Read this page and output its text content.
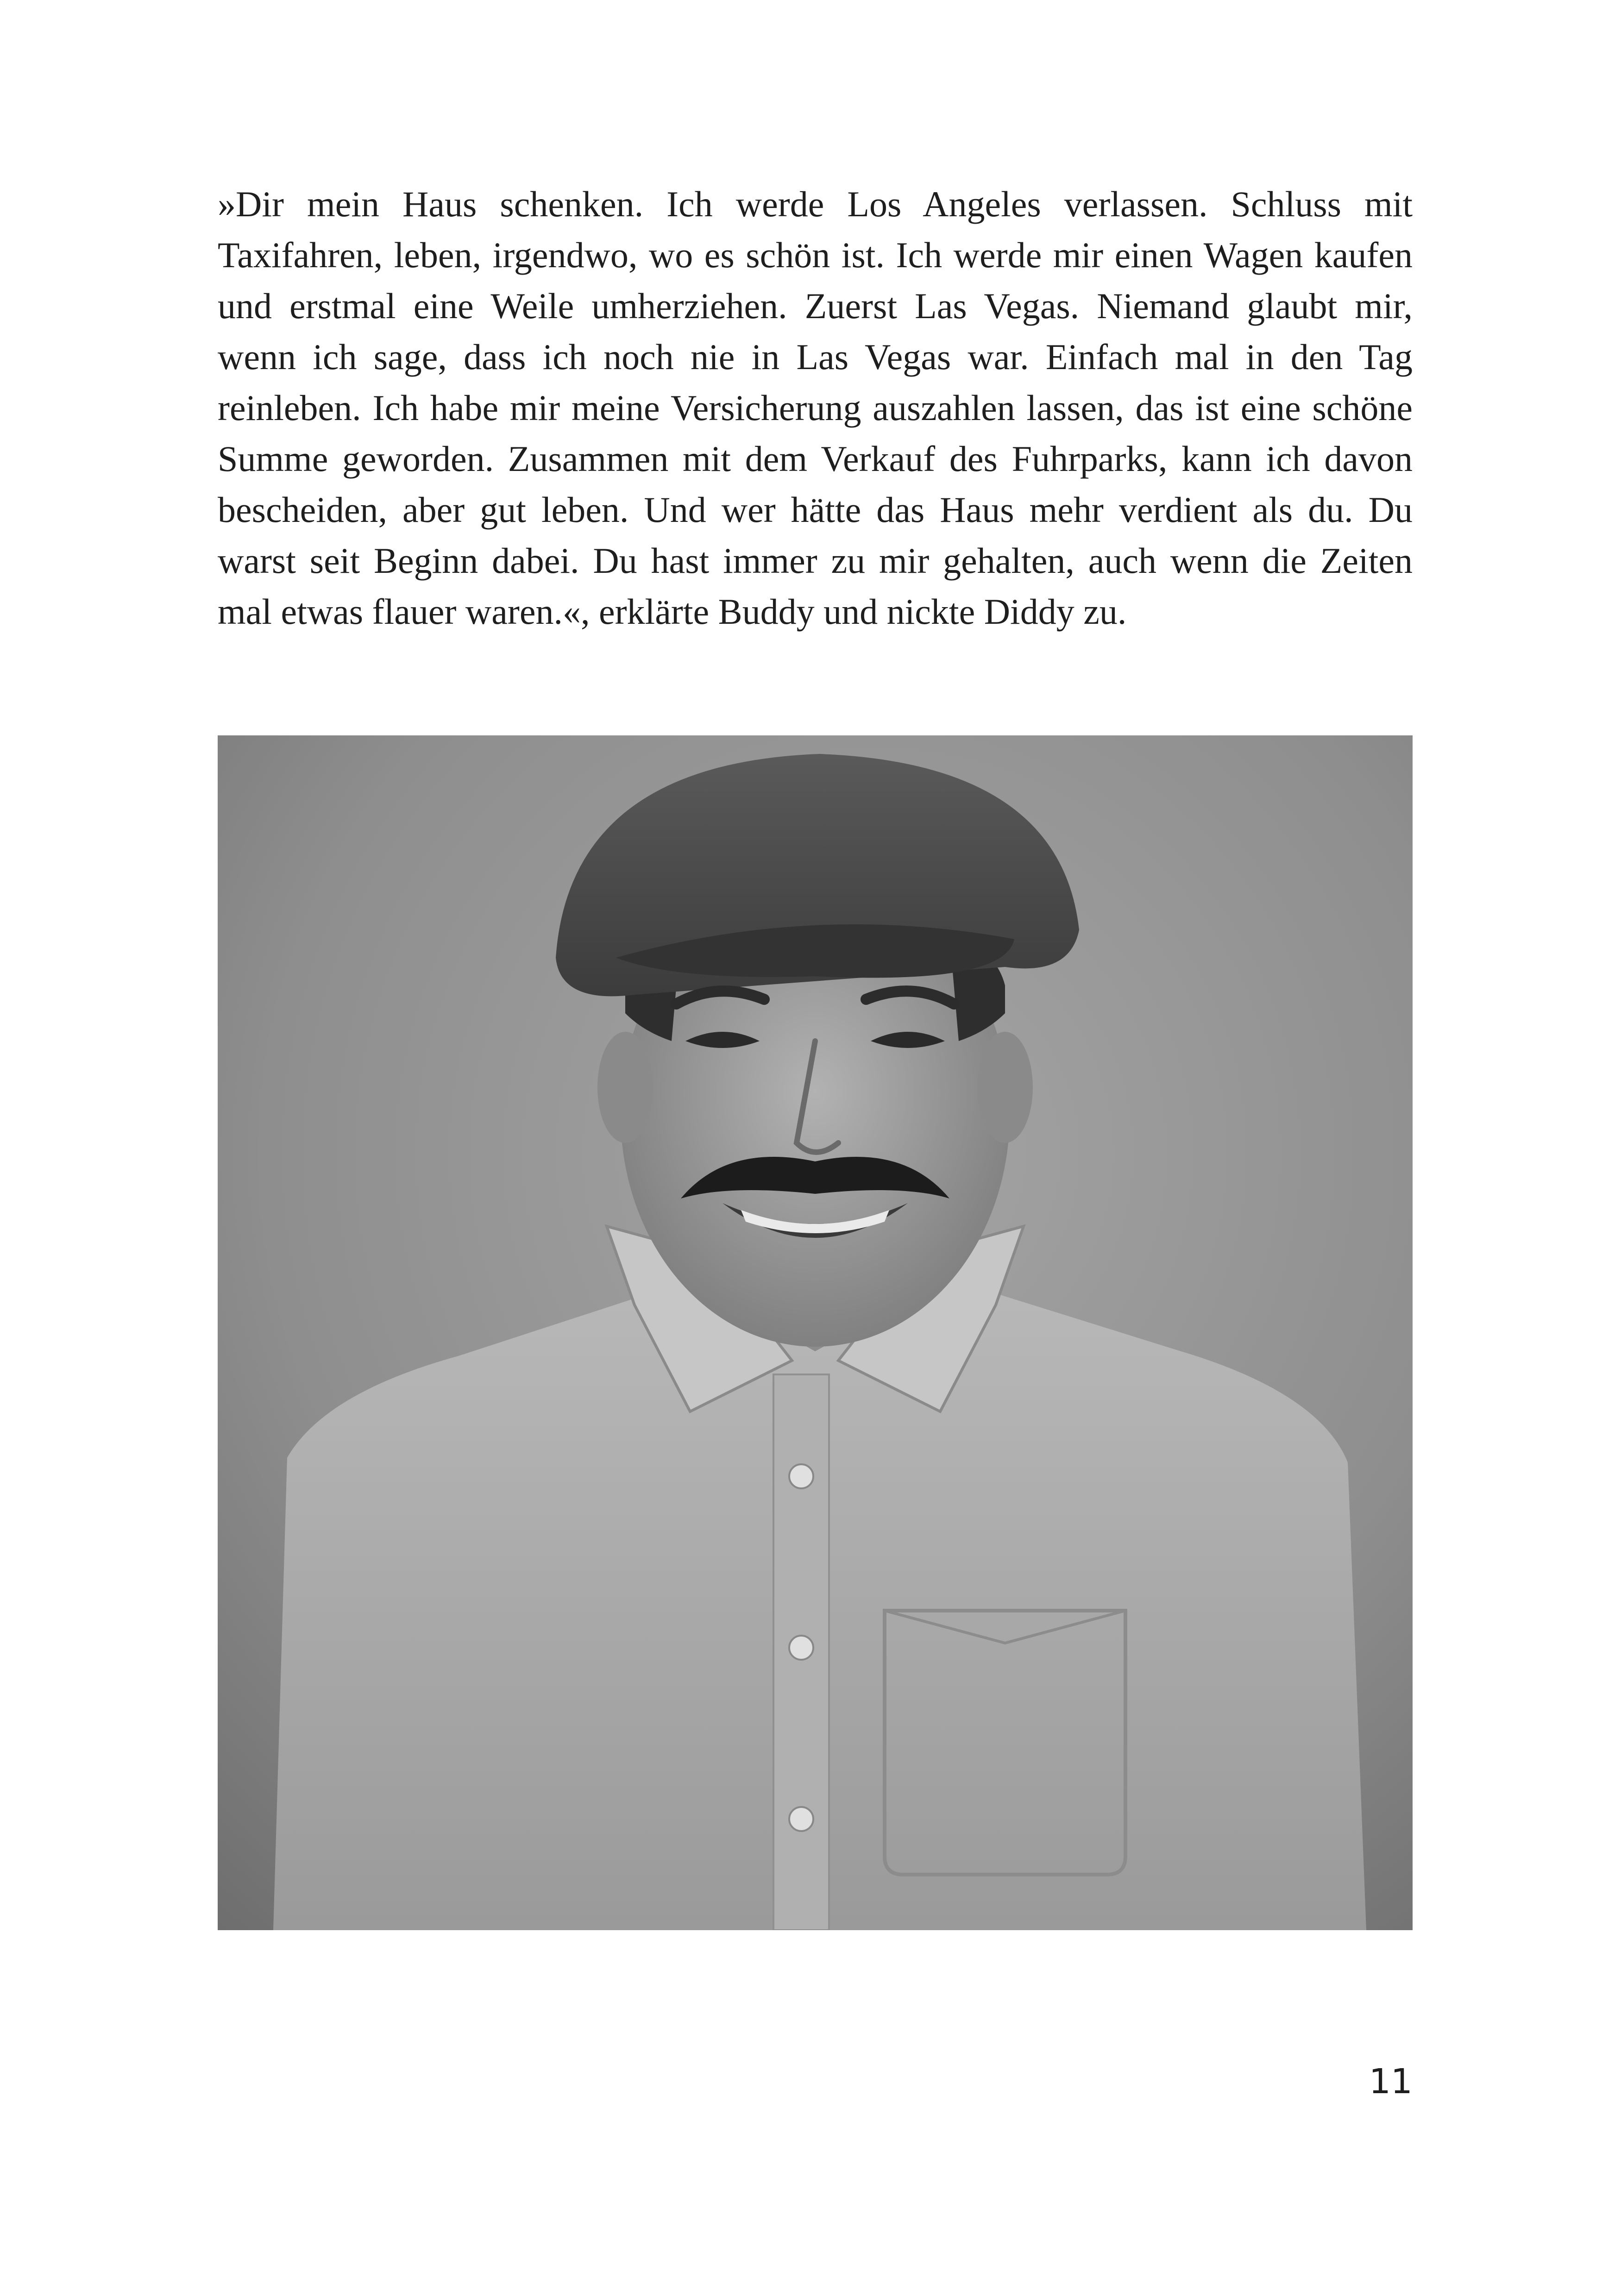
»Dir mein Haus schenken. Ich werde Los Angeles verlassen. Schluss mit Taxifahren, leben, irgendwo, wo es schön ist. Ich werde mir einen Wagen kaufen und erstmal eine Weile umherziehen. Zuerst Las Vegas. Niemand glaubt mir, wenn ich sage, dass ich noch nie in Las Vegas war. Einfach mal in den Tag reinleben. Ich habe mir meine Versicherung auszahlen lassen, das ist eine schöne Summe geworden. Zusammen mit dem Verkauf des Fuhrparks, kann ich davon bescheiden, aber gut leben. Und wer hätte das Haus mehr verdient als du. Du warst seit Beginn dabei. Du hast immer zu mir gehalten, auch wenn die Zeiten mal etwas flauer waren.«, erklärte Buddy und nickte Diddy zu.

11
